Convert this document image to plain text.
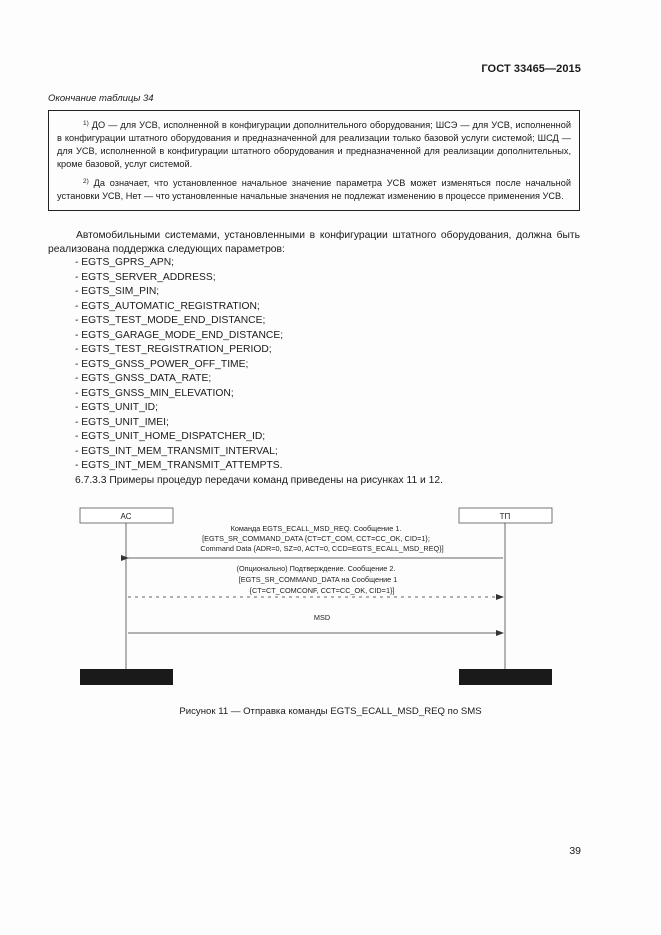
ГОСТ 33465—2015
Окончание таблицы 34

$^{1)}$ ДО — для УСВ, исполненной в конфигурации дополнительного оборудования; ШСЭ — для УСВ, исполненной в конфигурации штатного оборудования и предназначенной для реализации только базовой услуги системой; ШСД — для УСВ, исполненной в конфигурации штатного оборудования и предназначенной для реализации дополнительных, кроме базовой, услуг системой.

$^{2)}$ Да означает, что установленное начальное значение параметра УСВ может изменяться после начальной установки УСВ, Нет — что установленные начальные значения не подлежат изменению в процессе применения УСВ.

Автомобильными системами, установленными в конфигурации штатного оборудования, должна быть реализована поддержка следующих параметров:

- EGTS_GPRS_APN;
- EGTS_SERVER_ADDRESS;
- EGTS_SIM_PIN;
- EGTS_AUTOMATIC_REGISTRATION;
- EGTS_TEST_MODE_END_DISTANCE;
- EGTS_GARAGE_MODE_END_DISTANCE;
- EGTS_TEST_REGISTRATION_PERIOD;
- EGTS_GNSS_POWER_OFF_TIME;
- EGTS_GNSS_DATA_RATE;
- EGTS_GNSS_MIN_ELEVATION;
- EGTS_UNIT_ID;
- EGTS_UNIT_IMEI;
- EGTS_UNIT_HOME_DISPATCHER_ID;
- EGTS_INT_MEM_TRANSMIT_INTERVAL;
- EGTS_INT_MEM_TRANSMIT_ATTEMPTS.
6.7.3.3 Примеры процедур передачи команд приведены на рисунках 11 и 12.
АС	ТП
Команда EGTS_ECALL_MSD_REQ. Сообщение 1.
[EGTS_SR_COMMAND_DATA {CT=CT_COM, CCT=CC_OK, CID=1};
Command Data {ADR=0, SZ=0, ACT=0, CCD=EGTS_ECALL_MSD_REQ}]
(Опционально) Подтверждение. Сообщение 2.
[EGTS_SR_COMMAND_DATA на Сообщение 1
{CT=CT_COMCONF, CCT=CC_OK, CID=1}]
MSD
Рисунок 11 — Отправка команды EGTS_ECALL_MSD_REQ по SMS
39
